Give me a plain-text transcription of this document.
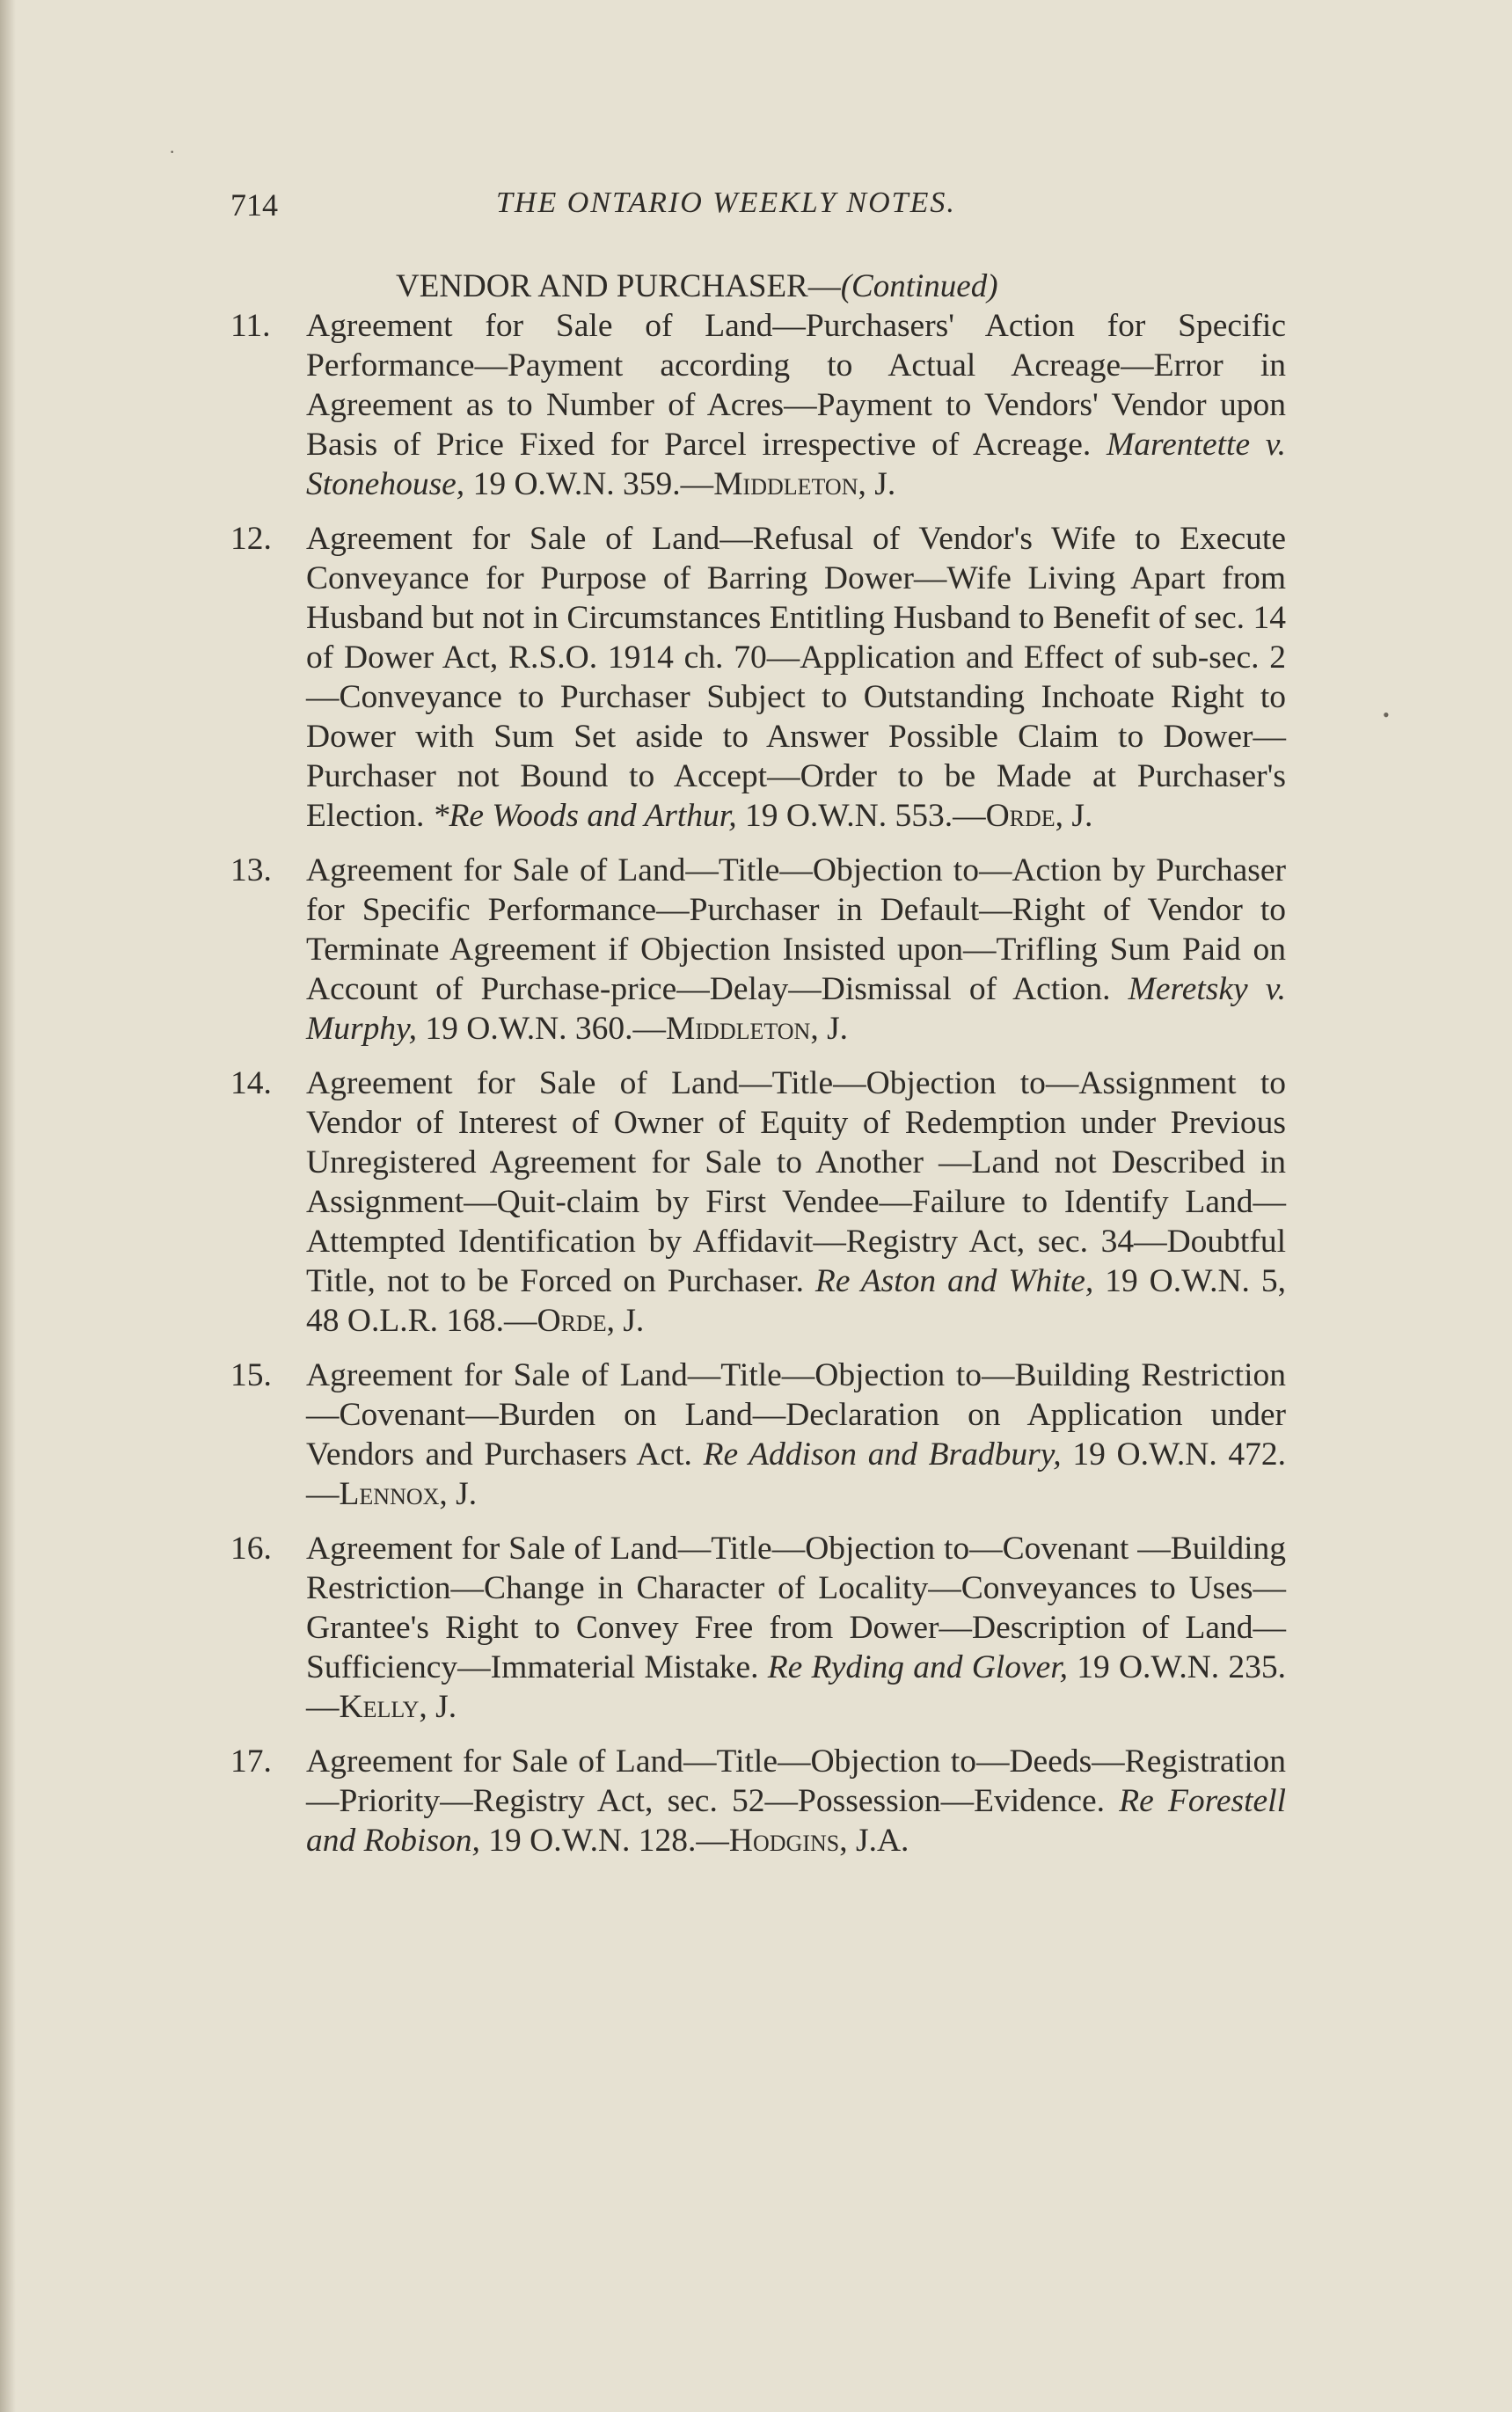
714	THE ONTARIO WEEKLY NOTES.
VENDOR AND PURCHASER—(Continued)
11.	Agreement for Sale of Land—Purchasers' Action for Specific Performance—Payment according to Actual Acreage—Error in Agreement as to Number of Acres—Payment to Vendors' Vendor upon Basis of Price Fixed for Parcel irrespective of Acreage. Marentette v. Stonehouse, 19 O.W.N. 359.—Middleton, J.
12.	Agreement for Sale of Land—Refusal of Vendor's Wife to Execute Conveyance for Purpose of Barring Dower—Wife Living Apart from Husband but not in Circumstances Entitling Husband to Benefit of sec. 14 of Dower Act, R.S.O. 1914 ch. 70—Application and Effect of sub-sec. 2—Conveyance to Purchaser Subject to Outstanding Inchoate Right to Dower with Sum Set aside to Answer Possible Claim to Dower—Purchaser not Bound to Accept—Order to be Made at Purchaser's Election. *Re Woods and Arthur, 19 O.W.N. 553.—Orde, J.
13.	Agreement for Sale of Land—Title—Objection to—Action by Purchaser for Specific Performance—Purchaser in Default—Right of Vendor to Terminate Agreement if Objection Insisted upon—Trifling Sum Paid on Account of Purchase-price—Delay—Dismissal of Action. Meretsky v. Murphy, 19 O.W.N. 360.—Middleton, J.
14.	Agreement for Sale of Land—Title—Objection to—Assignment to Vendor of Interest of Owner of Equity of Redemption under Previous Unregistered Agreement for Sale to Another —Land not Described in Assignment—Quit-claim by First Vendee—Failure to Identify Land—Attempted Identification by Affidavit—Registry Act, sec. 34—Doubtful Title, not to be Forced on Purchaser. Re Aston and White, 19 O.W.N. 5, 48 O.L.R. 168.—Orde, J.
15.	Agreement for Sale of Land—Title—Objection to—Building Restriction—Covenant—Burden on Land—Declaration on Application under Vendors and Purchasers Act. Re Addison and Bradbury, 19 O.W.N. 472.—Lennox, J.
16.	Agreement for Sale of Land—Title—Objection to—Covenant —Building Restriction—Change in Character of Locality—Conveyances to Uses—Grantee's Right to Convey Free from Dower—Description of Land—Sufficiency—Immaterial Mistake. Re Ryding and Glover, 19 O.W.N. 235.—Kelly, J.
17.	Agreement for Sale of Land—Title—Objection to—Deeds—Registration—Priority—Registry Act, sec. 52—Possession—Evidence. Re Forestell and Robison, 19 O.W.N. 128.—Hodgins, J.A.
•
·
